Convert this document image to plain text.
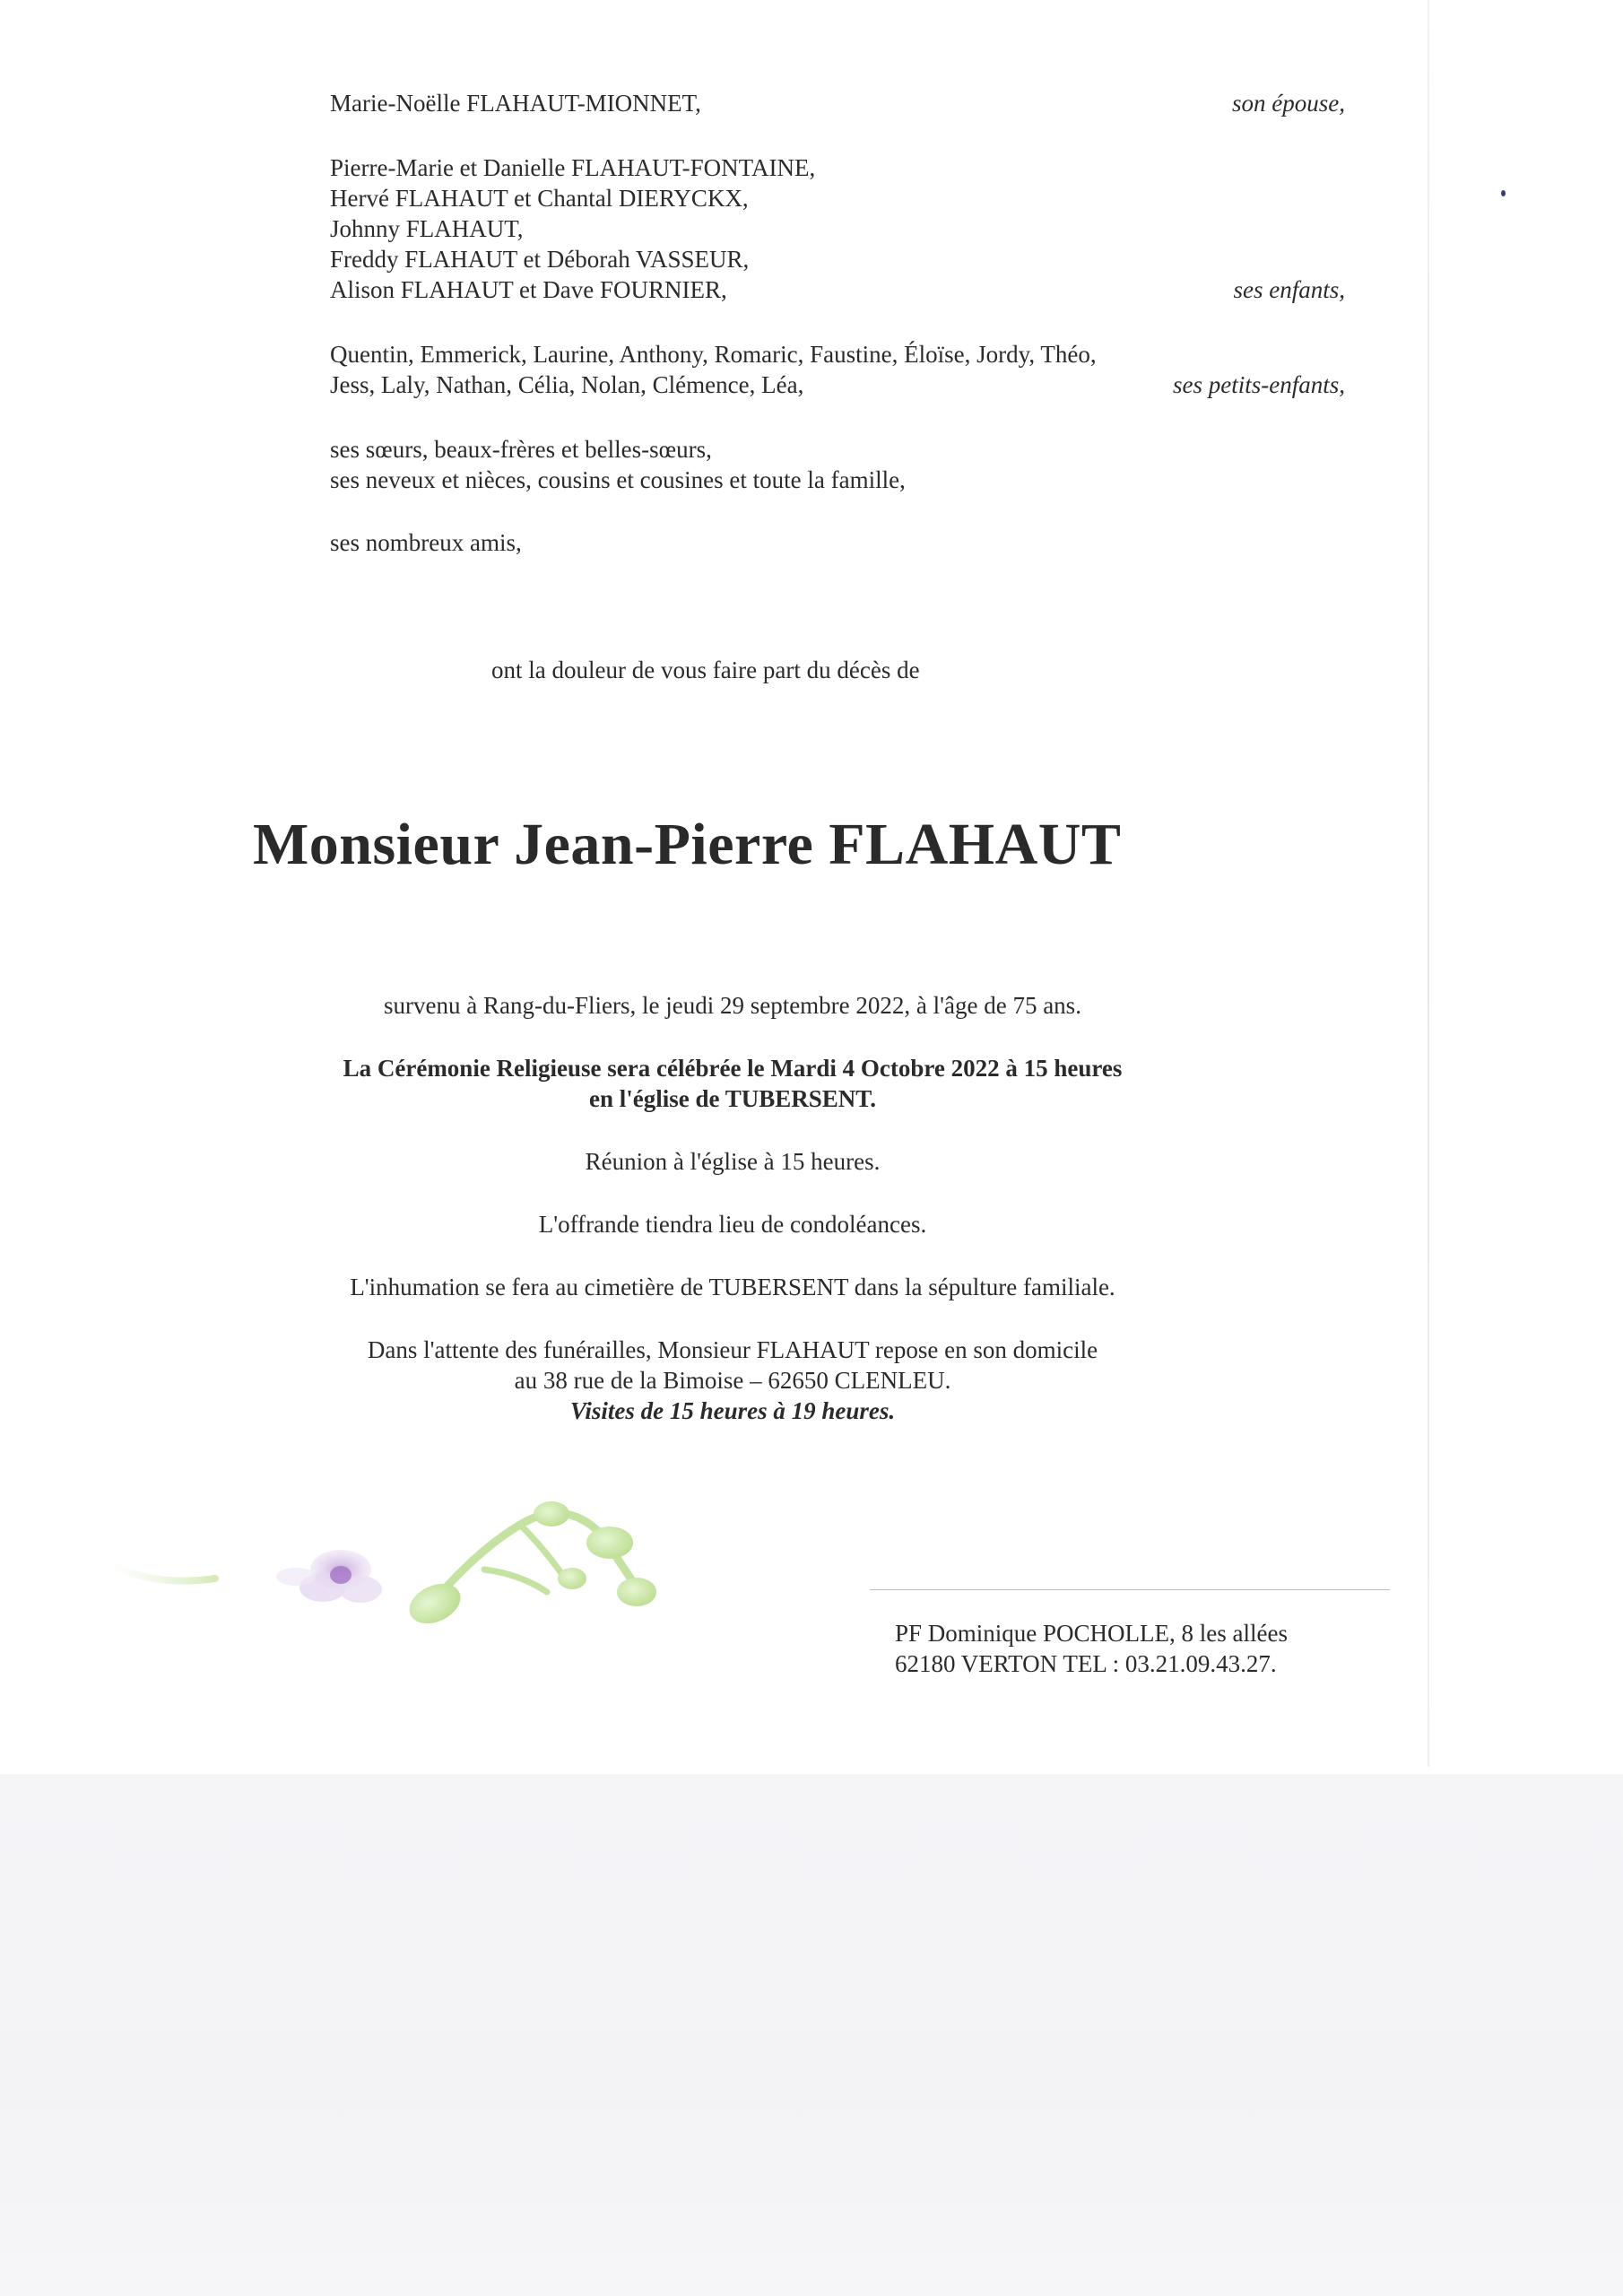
Marie-Noëlle FLAHAUT-MIONNET,	son épouse,
Pierre-Marie et Danielle FLAHAUT-FONTAINE,
Hervé FLAHAUT et Chantal DIERYCKX,
Johnny FLAHAUT,
Freddy FLAHAUT et Déborah VASSEUR,
Alison FLAHAUT et Dave FOURNIER,	ses enfants,
Quentin, Emmerick, Laurine, Anthony, Romaric, Faustine, Éloïse, Jordy, Théo,
Jess, Laly, Nathan, Célia, Nolan, Clémence, Léa,	ses petits-enfants,
ses sœurs, beaux-frères et belles-sœurs,
ses neveux et nièces, cousins et cousines et toute la famille,
ses nombreux amis,
ont la douleur de vous faire part du décès de
Monsieur Jean-Pierre FLAHAUT
survenu à Rang-du-Fliers, le jeudi 29 septembre 2022, à l'âge de 75 ans.
La Cérémonie Religieuse sera célébrée le Mardi 4 Octobre 2022 à 15 heures
en l'église de TUBERSENT.
Réunion à l'église à 15 heures.
L'offrande tiendra lieu de condoléances.
L'inhumation se fera au cimetière de TUBERSENT dans la sépulture familiale.
Dans l'attente des funérailles, Monsieur FLAHAUT repose en son domicile
au 38 rue de la Bimoise – 62650 CLENLEU.
Visites de 15 heures à 19 heures.
PF Dominique POCHOLLE, 8 les allées
62180 VERTON TEL : 03.21.09.43.27.
